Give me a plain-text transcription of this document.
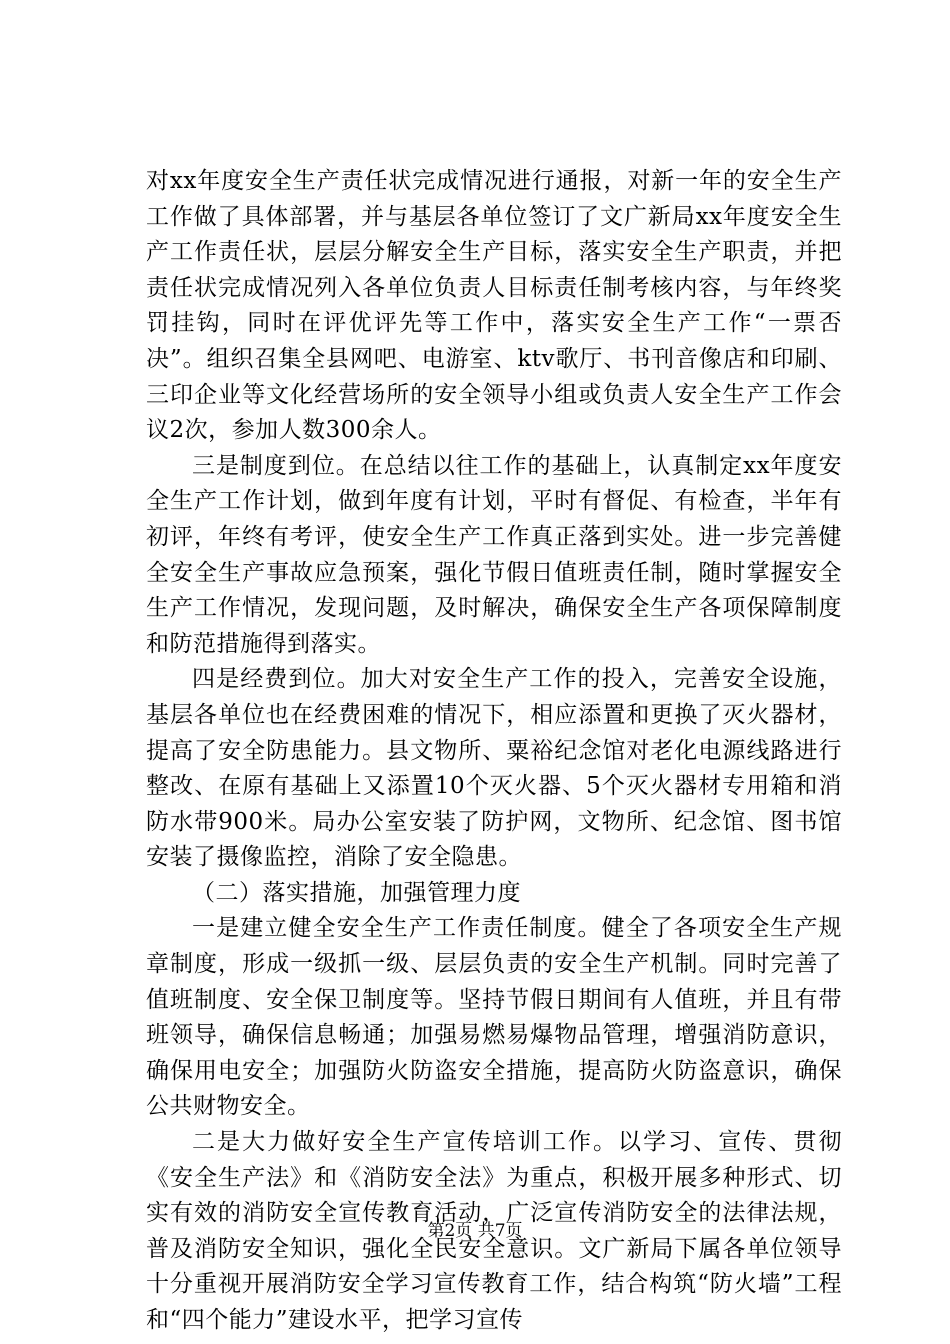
对xx年度安全生产责任状完成情况进行通报，对新一年的安全生产工作做了具体部署，并与基层各单位签订了文广新局xx年度安全生产工作责任状，层层分解安全生产目标，落实安全生产职责，并把责任状完成情况列入各单位负责人目标责任制考核内容，与年终奖罚挂钩，同时在评优评先等工作中，落实安全生产工作“一票否决”。组织召集全县网吧、电游室、ktv歌厅、书刊音像店和印刷、三印企业等文化经营场所的安全领导小组或负责人安全生产工作会议2次，参加人数300余人。

三是制度到位。在总结以往工作的基础上，认真制定xx年度安全生产工作计划，做到年度有计划，平时有督促、有检查，半年有初评，年终有考评，使安全生产工作真正落到实处。进一步完善健全安全生产事故应急预案，强化节假日值班责任制，随时掌握安全生产工作情况，发现问题，及时解决，确保安全生产各项保障制度和防范措施得到落实。

四是经费到位。加大对安全生产工作的投入，完善安全设施，基层各单位也在经费困难的情况下，相应添置和更换了灭火器材，提高了安全防患能力。县文物所、粟裕纪念馆对老化电源线路进行整改、在原有基础上又添置10个灭火器、5个灭火器材专用箱和消防水带900米。局办公室安装了防护网，文物所、纪念馆、图书馆安装了摄像监控，消除了安全隐患。

（二）落实措施，加强管理力度

一是建立健全安全生产工作责任制度。健全了各项安全生产规章制度，形成一级抓一级、层层负责的安全生产机制。同时完善了值班制度、安全保卫制度等。坚持节假日期间有人值班，并且有带班领导，确保信息畅通；加强易燃易爆物品管理，增强消防意识，确保用电安全；加强防火防盗安全措施，提高防火防盗意识，确保公共财物安全。

二是大力做好安全生产宣传培训工作。以学习、宣传、贯彻《安全生产法》和《消防安全法》为重点，积极开展多种形式、切实有效的消防安全宣传教育活动，广泛宣传消防安全的法律法规，普及消防安全知识，强化全民安全意识。文广新局下属各单位领导十分重视开展消防安全学习宣传教育工作，结合构筑“防火墙”工程和“四个能力”建设水平，把学习宣传

第2页 共7页
